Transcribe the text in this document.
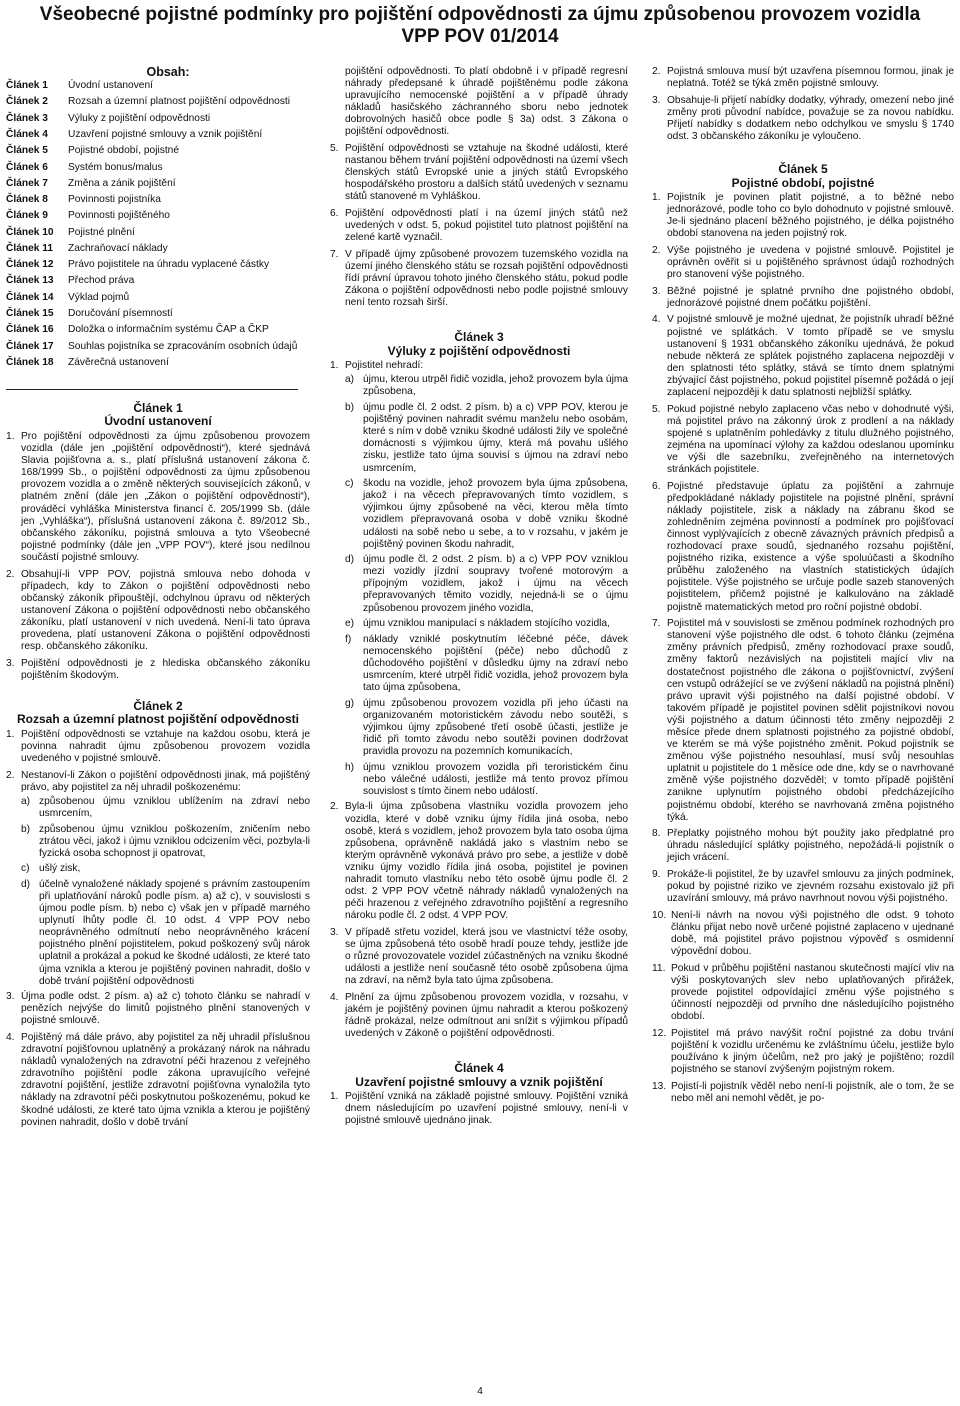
Všeobecné pojistné podmínky pro pojištění odpovědnosti za újmu způsobenou provozem vozidla
VPP POV 01/2014
Obsah:
Článek 1	Úvodní ustanovení
Článek 2	Rozsah a územní platnost pojištění odpovědnosti
Článek 3	Výluky z pojištění odpovědnosti
Článek 4	Uzavření pojistné smlouvy a vznik pojištění
Článek 5	Pojistné období, pojistné
Článek 6	Systém bonus/malus
Článek 7	Změna a zánik pojištění
Článek 8	Povinnosti pojistníka
Článek 9	Povinnosti pojištěného
Článek 10	Pojistné plnění
Článek 11	Zachraňovací náklady
Článek 12	Právo pojistitele na úhradu vyplacené částky
Článek 13	Přechod práva
Článek 14	Výklad pojmů
Článek 15	Doručování písemností
Článek 16	Doložka o informačním systému ČAP a ČKP
Článek 17	Souhlas pojistníka se zpracováním osobních údajů
Článek 18	Závěrečná ustanovení
Článek 1
Úvodní ustanovení
1. Pro pojištění odpovědnosti za újmu způsobenou provozem vozidla (dále jen „pojištění odpovědnosti“), které sjednává Slavia pojišťovna a. s., platí příslušná ustanovení zákona č. 168/1999 Sb., o pojištění odpovědnosti za újmu způsobenou provozem vozidla a o změně některých souvisejících zákonů, v platném znění (dále jen „Zákon o pojištění odpovědnosti“), prováděcí vyhláška Ministerstva financí č. 205/1999 Sb. (dále jen „Vyhláška“), příslušná ustanovení zákona č. 89/2012 Sb., občanského zákoníku, pojistná smlouva a tyto Všeobecné pojistné podmínky (dále jen „VPP POV“), které jsou nedílnou součástí pojistné smlouvy.
2. Obsahují-li VPP POV, pojistná smlouva nebo dohoda v případech, kdy to Zákon o pojištění odpovědnosti nebo občanský zákoník připouštějí, odchylnou úpravu od některých ustanovení Zákona o pojištění odpovědnosti nebo občanského zákoníku, platí ustanovení v nich uvedená. Není-li tato úprava provedena, platí ustanovení Zákona o pojištění odpovědnosti resp. občanského zákoníku.
3. Pojištění odpovědnosti je z hlediska občanského zákoníku pojištěním škodovým.
Článek 2
Rozsah a územní platnost pojištění odpovědnosti
1. Pojištění odpovědnosti se vztahuje na každou osobu, která je povinna nahradit újmu způsobenou provozem vozidla uvedeného v pojistné smlouvě.
2. Nestanoví-li Zákon o pojištění odpovědnosti jinak, má pojištěný právo, aby pojistitel za něj uhradil poškozenému:
a) způsobenou újmu vzniklou ublížením na zdraví nebo usmrcením,
b) způsobenou újmu vzniklou poškozením, zničením nebo ztrátou věci, jakož i újmu vzniklou odcizením věci, pozbyla-li fyzická osoba schopnost ji opatrovat,
c) ušlý zisk,
d) účelně vynaložené náklady spojené s právním zastoupením při uplatňování nároků podle písm. a) až c), v souvislosti s újmou podle písm. b) nebo c) však jen v případě marného uplynutí lhůty podle čl. 10 odst. 4 VPP POV nebo neoprávněného odmítnutí nebo neoprávněného krácení pojistného plnění pojistitelem, pokud poškozený svůj nárok uplatnil a prokázal a pokud ke škodné události, ze které tato újma vznikla a kterou je pojištěný povinen nahradit, došlo v době trvání pojištění odpovědnosti
3. Újma podle odst. 2 písm. a) až c) tohoto článku se nahradí v penězích nejvýše do limitů pojistného plnění stanovených v pojistné smlouvě.
4. Pojištěný má dále právo, aby pojistitel za něj uhradil příslušnou zdravotní pojišťovnou uplatněný a prokázaný nárok na náhradu nákladů vynaložených na zdravotní péči hrazenou z veřejného zdravotního pojištění podle zákona upravujícího veřejné zdravotní pojištění, jestliže zdravotní pojišťovna vynaložila tyto náklady na zdravotní péči poskytnutou poškozenému, pokud ke škodné události, ze které tato újma vznikla a kterou je pojištěný povinen nahradit, došlo v době trvání
pojištění odpovědnosti. To platí obdobně i v případě regresní náhrady předepsané k úhradě pojištěnému podle zákona upravujícího nemocenské pojištění a v případě úhrady nákladů hasičského záchranného sboru nebo jednotek dobrovolných hasičů obce podle § 3a) odst. 3 Zákona o pojištění odpovědnosti.
5. Pojištění odpovědnosti se vztahuje na škodné události, které nastanou během trvání pojištění odpovědnosti na území všech členských států Evropské unie a jiných států Evropského hospodářského prostoru a dalších států uvedených v seznamu států stanovené m Vyhláškou.
6. Pojištění odpovědnosti platí i na území jiných států než uvedených v odst. 5, pokud pojistitel tuto platnost pojištění na zelené kartě vyznačil.
7. V případě újmy způsobené provozem tuzemského vozidla na území jiného členského státu se rozsah pojištění odpovědnosti řídí právní úpravou tohoto jiného členského státu, pokud podle Zákona o pojištění odpovědnosti nebo podle pojistné smlouvy není tento rozsah širší.
Článek 3
Výluky z pojištění odpovědnosti
1. Pojistitel nehradí:
a) újmu, kterou utrpěl řidič vozidla, jehož provozem byla újma způsobena,
b) újmu podle čl. 2 odst. 2 písm. b) a c) VPP POV, kterou je pojištěný povinen nahradit svému manželu nebo osobám, které s ním v době vzniku škodné události žily ve společné domácnosti s výjimkou újmy, která má povahu ušlého zisku, jestliže tato újma souvisí s újmou na zdraví nebo usmrcením,
c) škodu na vozidle, jehož provozem byla újma způsobena, jakož i na věcech přepravovaných tímto vozidlem, s výjimkou újmy způsobené na věci, kterou měla tímto vozidlem přepravovaná osoba v době vzniku škodné události na sobě nebo u sebe, a to v rozsahu, v jakém je pojištěný povinen škodu nahradit,
d) újmu podle čl. 2 odst. 2 písm. b) a c) VPP POV vzniklou mezi vozidly jízdní soupravy tvořené motorovým a přípojným vozidlem, jakož i újmu na věcech přepravovaných těmito vozidly, nejedná-li se o újmu způsobenou provozem jiného vozidla,
e) újmu vzniklou manipulací s nákladem stojícího vozidla,
f)	náklady vzniklé poskytnutím léčebné péče, dávek nemocenského pojištění (péče) nebo důchodů z důchodového pojištění v důsledku újmy na zdraví nebo usmrcením, které utrpěl řidič vozidla, jehož provozem byla tato újma způsobena,
g) újmu způsobenou provozem vozidla při jeho účasti na organizovaném motoristickém závodu nebo soutěži, s výjimkou újmy způsobené třetí osobě účasti, jestliže je řidič při tomto závodu nebo soutěži povinen dodržovat pravidla provozu na pozemních komunikacích,
h) újmu vzniklou provozem vozidla při teroristickém činu nebo válečné události, jestliže má tento provoz přímou souvislost s tímto činem nebo událostí.
2. Byla-li újma způsobena vlastníku vozidla provozem jeho vozidla, které v době vzniku újmy řídila jiná osoba, nebo osobě, která s vozidlem, jehož provozem byla tato osoba újma způsobena, oprávněně nakládá jako s vlastním nebo se kterým oprávněně vykonává právo pro sebe, a jestliže v době vzniku újmy vozidlo řídila jiná osoba, pojistitel je povinen nahradit tomuto vlastníku nebo této osobě újmu podle čl. 2 odst. 2 VPP POV včetně náhrady nákladů vynaložených na péči hrazenou z veřejného zdravotního pojištění a regresního nároku podle čl. 2 odst. 4 VPP POV.
3. V případě střetu vozidel, která jsou ve vlastnictví téže osoby, se újma způsobená této osobě hradí pouze tehdy, jestliže jde o různé provozovatele vozidel zúčastněných na vzniku škodné události a jestliže není současně této osobě způsobena újma na zdraví, na němž byla tato újma způsobena.
4. Plnění za újmu způsobenou provozem vozidla, v rozsahu, v jakém je pojištěný povinen újmu nahradit a kterou poškozený řádně prokázal, nelze odmítnout ani snížit s výjimkou případů uvedených v Zákoně o pojištění odpovědnosti.
Článek 4
Uzavření pojistné smlouvy a vznik pojištění
1. Pojištění vzniká na základě pojistné smlouvy. Pojištění vzniká dnem následujícím po uzavření pojistné smlouvy, není-li v pojistné smlouvě ujednáno jinak.
2. Pojistná smlouva musí být uzavřena písemnou formou, jinak je neplatná. Totéž se týká změn pojistné smlouvy.
3. Obsahuje-li přijetí nabídky dodatky, výhrady, omezení nebo jiné změny proti původní nabídce, považuje se za novou nabídku. Přijetí nabídky s dodatkem nebo odchylkou ve smyslu § 1740 odst. 3 občanského zákoníku je vyloučeno.
Článek 5
Pojistné období, pojistné
1. Pojistník je povinen platit pojistné, a to běžné nebo jednorázové, podle toho co bylo dohodnuto v pojistné smlouvě. Je-li sjednáno placení běžného pojistného, je délka pojistného období stanovena na jeden pojistný rok.
2. Výše pojistného je uvedena v pojistné smlouvě. Pojistitel je oprávněn ověřit si u pojištěného správnost údajů rozhodných pro stanovení výše pojistného.
3. Běžné pojistné je splatné prvního dne pojistného období, jednorázové pojistné dnem počátku pojištění.
4. V pojistné smlouvě je možné ujednat, že pojistník uhradí běžné pojistné ve splátkách. V tomto případě se ve smyslu ustanovení § 1931 občanského zákoníku ujednává, že pokud nebude některá ze splátek pojistného zaplacena nejpozději v den splatnosti této splátky, stává se tímto dnem splatnými zbývající část pojistného, pokud pojistitel písemně požádá o její zaplacení nejpozději k datu splatnosti nejbližší splátky.
5. Pokud pojistné nebylo zaplaceno včas nebo v dohodnuté výši, má pojistitel právo na zákonný úrok z prodlení a na náklady spojené s uplatněním pohledávky z titulu dlužného pojistného, zejména na upomínací výlohy za každou odeslanou upomínku ve výši dle sazebníku, zveřejněného na internetových stránkách pojistitele.
6. Pojistné představuje úplatu za pojištění a zahrnuje předpokládané náklady pojistitele na pojistné plnění, správní náklady pojistitele, zisk a náklady na zábranu škod se zohledněním zejména povinností a podmínek pro pojišťovací činnost vyplývajících z obecně závazných právních předpisů a rozhodovací praxe soudů, sjednaného rozsahu pojištění, pojistného rizika, existence a výše spoluúčasti a škodního průběhu založeného na vlastních statistických údajích pojistitele. Výše pojistného se určuje podle sazeb stanovených pojistitelem, přičemž pojistné je kalkulováno na základě pojistně matematických metod pro roční pojistné období.
7. Pojistitel má v souvislosti se změnou podmínek rozhodných pro stanovení výše pojistného dle odst. 6 tohoto článku (zejména změny právních předpisů, změny rozhodovací praxe soudů, změny faktorů nezávislých na pojistiteli mající vliv na dostatečnost pojistného dle zákona o pojišťovnictví, zvýšení cen vstupů odrážející se ve zvýšení nákladů na pojistná plnění) právo upravit výši pojistného na další pojistné období. V takovém případě je pojistitel povinen sdělit pojistníkovi novou výši pojistného a datum účinnosti této změny nejpozději 2 měsíce přede dnem splatnosti pojistného za pojistné období, ve kterém se má výše pojistného změnit. Pokud pojistník se změnou výše pojistného nesouhlasí, musí svůj nesouhlas uplatnit u pojistitele do 1 měsíce ode dne, kdy se o navrhované změně výše pojistného dozvěděl; v tomto případě pojištění zanikne uplynutím pojistného období předcházejícího pojistnému období, kterého se navrhovaná změna pojistného týká.
8. Přeplatky pojistného mohou být použity jako předplatné pro úhradu následující splátky pojistného, nepožádá-li pojistník o jejich vrácení.
9. Prokáže-li pojistitel, že by uzavřel smlouvu za jiných podmínek, pokud by pojistné riziko ve zjevném rozsahu existovalo již při uzavírání smlouvy, má právo navrhnout novou výši pojistného.
10. Není-li návrh na novou výši pojistného dle odst. 9 tohoto článku přijat nebo nově určené pojistné zaplaceno v ujednané době, má pojistitel právo pojistnou výpověď s osmidenní výpovědní dobou.
11. Pokud v průběhu pojištění nastanou skutečnosti mající vliv na výši poskytovaných slev nebo uplatňovaných přirážek, provede pojistitel odpovídající změnu výše pojistného s účinností nejpozději od prvního dne následujícího pojistného období.
12. Pojistitel má právo navýšit roční pojistné za dobu trvání pojištění k vozidlu určenému ke zvláštnímu účelu, jestliže bylo používáno k jiným účelům, než pro jaký je pojištěno; rozdíl pojistného se stanoví zvýšeným pojistným rokem.
13. Pojistí-li pojistník věděl nebo není-li pojistník, ale o tom, že se nebo měl ani nemohl vědět, je po-
4
